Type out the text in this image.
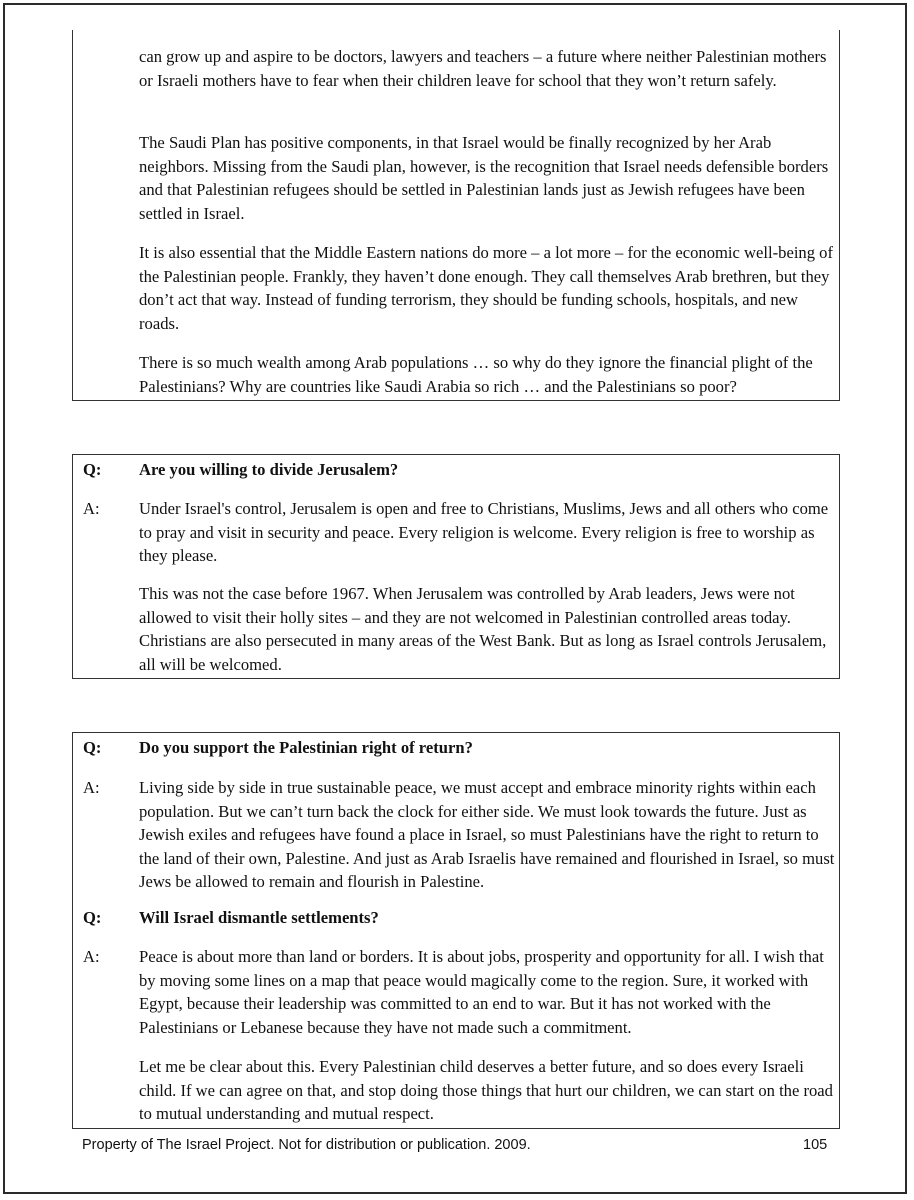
can grow up and aspire to be doctors, lawyers and teachers – a future where neither Palestinian mothers or Israeli mothers have to fear when their children leave for school that they won’t return safely.

The Saudi Plan has positive components, in that Israel would be finally recognized by her Arab neighbors. Missing from the Saudi plan, however, is the recognition that Israel needs defensible borders and that Palestinian refugees should be settled in Palestinian lands just as Jewish refugees have been settled in Israel.

It is also essential that the Middle Eastern nations do more – a lot more – for the economic well-being of the Palestinian people. Frankly, they haven’t done enough. They call themselves Arab brethren, but they don’t act that way. Instead of funding terrorism, they should be funding schools, hospitals, and new roads.

There is so much wealth among Arab populations … so why do they ignore the financial plight of the Palestinians? Why are countries like Saudi Arabia so rich … and the Palestinians so poor?

Q: Are you willing to divide Jerusalem?

A: Under Israel's control, Jerusalem is open and free to Christians, Muslims, Jews and all others who come to pray and visit in security and peace. Every religion is welcome. Every religion is free to worship as they please.

This was not the case before 1967. When Jerusalem was controlled by Arab leaders, Jews were not allowed to visit their holly sites – and they are not welcomed in Palestinian controlled areas today. Christians are also persecuted in many areas of the West Bank. But as long as Israel controls Jerusalem, all will be welcomed.

Q: Do you support the Palestinian right of return?

A: Living side by side in true sustainable peace, we must accept and embrace minority rights within each population. But we can’t turn back the clock for either side. We must look towards the future. Just as Jewish exiles and refugees have found a place in Israel, so must Palestinians have the right to return to the land of their own, Palestine. And just as Arab Israelis have remained and flourished in Israel, so must Jews be allowed to remain and flourish in Palestine.

Q: Will Israel dismantle settlements?

A: Peace is about more than land or borders. It is about jobs, prosperity and opportunity for all. I wish that by moving some lines on a map that peace would magically come to the region. Sure, it worked with Egypt, because their leadership was committed to an end to war. But it has not worked with the Palestinians or Lebanese because they have not made such a commitment.

Let me be clear about this. Every Palestinian child deserves a better future, and so does every Israeli child. If we can agree on that, and stop doing those things that hurt our children, we can start on the road to mutual understanding and mutual respect.

Property of The Israel Project. Not for distribution or publication. 2009.	105
